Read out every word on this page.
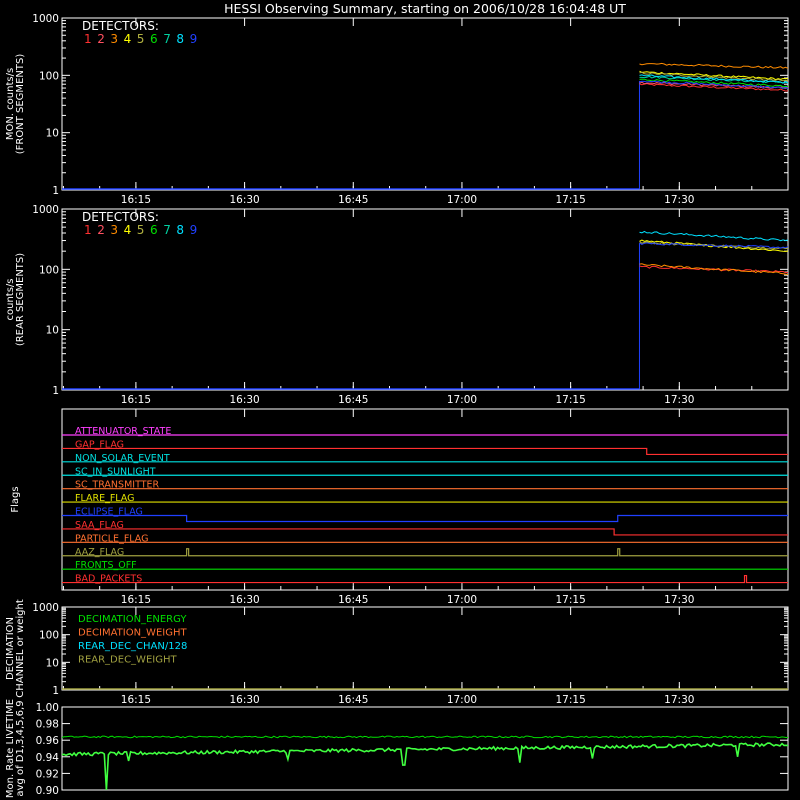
HESSI Observing Summary, starting on 2006/10/28 16:04:48 UT
1000
100
10
1
16:15	16:30	16:45	17:00	17:15	17:30
MON. counts/s (FRONT SEGMENTS)
DETECTORS:
1 2 3 4 5 6 7 8 9
1000
100
10
1
16:15	16:30	16:45	17:00	17:15	17:30
counts/s (REAR SEGMENTS)
DETECTORS:
1 2 3 4 5 6 7 8 9
16:15	16:30	16:45	17:00	17:15	17:30
Flags
ATTENUATOR_STATE
GAP_FLAG
NON_SOLAR_EVENT
SC_IN_SUNLIGHT
SC_TRANSMITTER
FLARE_FLAG
ECLIPSE_FLAG
SAA_FLAG
PARTICLE_FLAG
AAZ_FLAG
FRONTS_OFF
BAD_PACKETS
1000
100
10
1
16:15	16:30	16:45	17:00	17:15	17:30
DECIMATION CHANNEL or weight	DECIMATION_ENERGY
DECIMATION_WEIGHT
REAR_DEC_CHAN/128
REAR_DEC_WEIGHT
1.00
0.98
0.96
0.94
0.92
0.90
Mon. Rate LIVETIME avg of D1,3,4,5,6,9
